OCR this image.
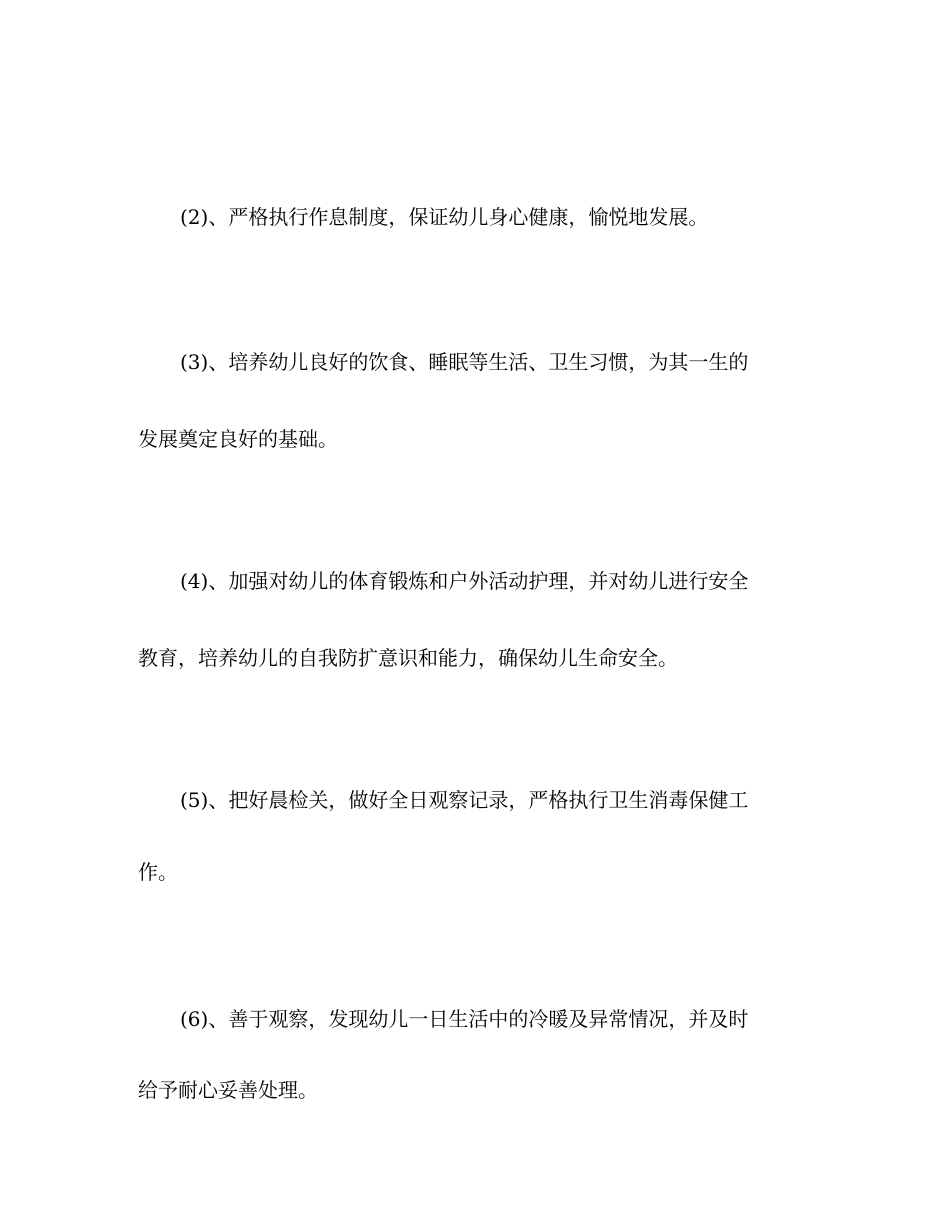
(2)、严格执行作息制度，保证幼儿身心健康，愉悦地发展。

(3)、培养幼儿良好的饮食、睡眠等生活、卫生习惯，为其一生的

发展奠定良好的基础。

(4)、加强对幼儿的体育锻炼和户外活动护理，并对幼儿进行安全

教育，培养幼儿的自我防扩意识和能力，确保幼儿生命安全。

(5)、把好晨检关，做好全日观察记录，严格执行卫生消毒保健工

作。

(6)、善于观察，发现幼儿一日生活中的冷暖及异常情况，并及时

给予耐心妥善处理。
